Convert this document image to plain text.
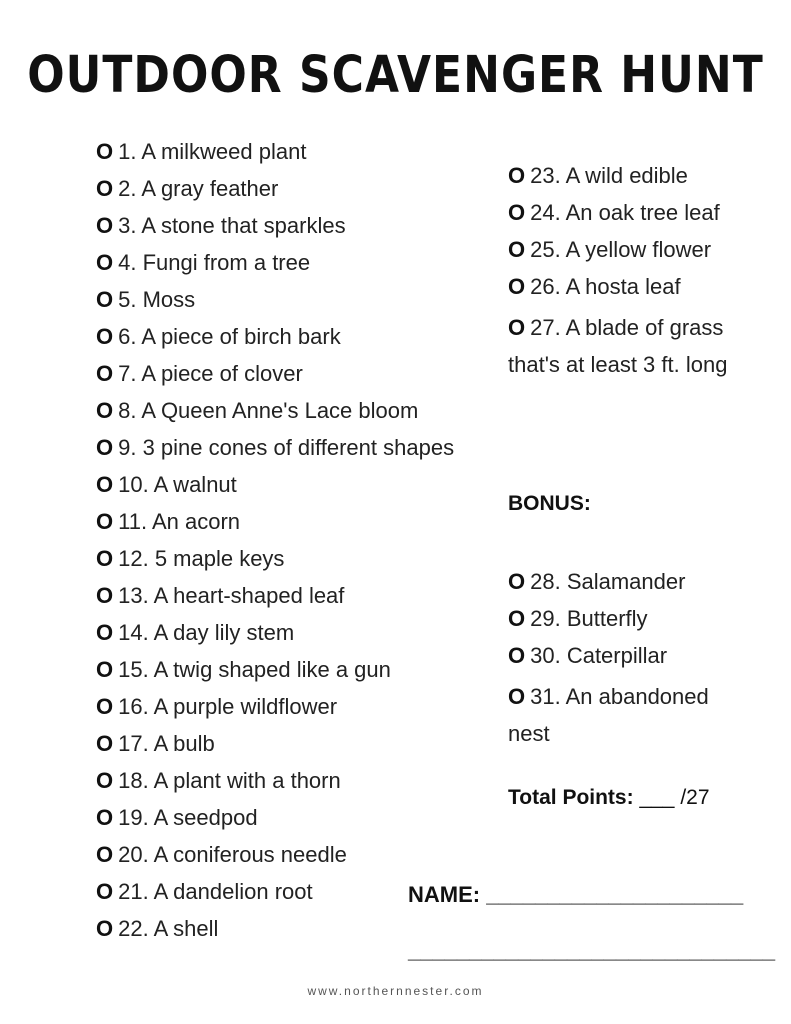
OUTDOOR SCAVENGER HUNT
O 1. A milkweed plant
O 2. A gray feather
O 3. A stone that sparkles
O 4. Fungi from a tree
O 5. Moss
O 6. A piece of birch bark
O 7. A piece of clover
O 8. A Queen Anne's Lace bloom
O 9. 3 pine cones of different shapes
O 10. A walnut
O 11. An acorn
O 12. 5 maple keys
O 13. A heart-shaped leaf
O 14. A day lily stem
O 15. A twig shaped like a gun
O 16. A purple wildflower
O 17. A bulb
O 18. A plant with a thorn
O 19. A seedpod
O 20. A coniferous needle
O 21. A dandelion root
O 22. A shell
O 23. A wild edible
O 24. An oak tree leaf
O 25. A yellow flower
O 26. A hosta leaf
O 27. A blade of grass that's at least 3 ft. long
BONUS:
O 28. Salamander
O 29. Butterfly
O 30. Caterpillar
O 31. An abandoned nest
Total Points: ___ /27
NAME: _____________________
______________________________
www.northernnester.com
